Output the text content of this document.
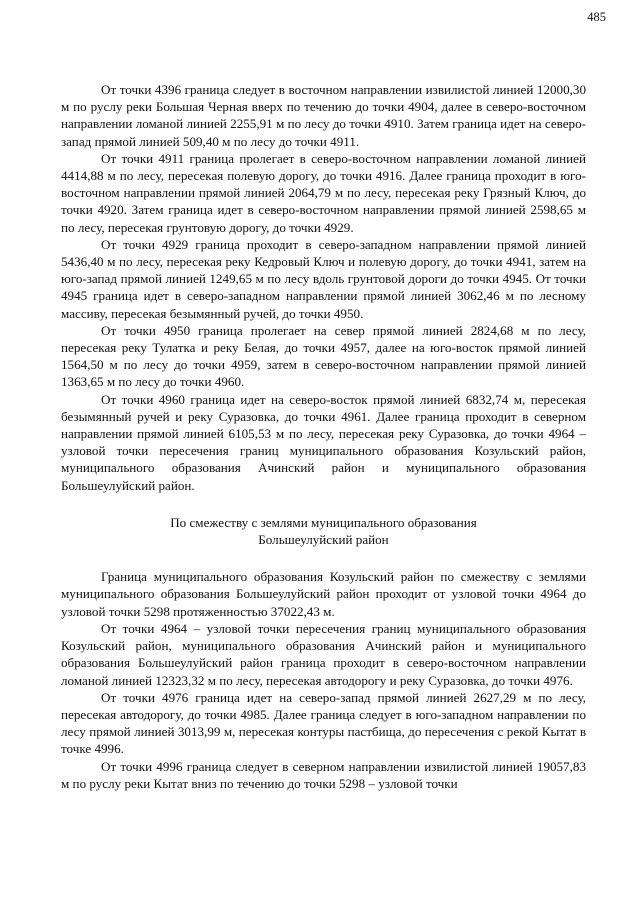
485

От точки 4396 граница следует в восточном направлении извилистой линией 12000,30 м по руслу реки Большая Черная вверх по течению до точки 4904, далее в северо-восточном направлении ломаной линией 2255,91 м по лесу до точки 4910. Затем граница идет на северо-запад прямой линией 509,40 м по лесу до точки 4911.

От точки 4911 граница пролегает в северо-восточном направлении ломаной линией 4414,88 м по лесу, пересекая полевую дорогу, до точки 4916. Далее граница проходит в юго-восточном направлении прямой линией 2064,79 м по лесу, пересекая реку Грязный Ключ, до точки 4920. Затем граница идет в северо-восточном направлении прямой линией 2598,65 м по лесу, пересекая грунтовую дорогу, до точки 4929.

От точки 4929 граница проходит в северо-западном направлении прямой линией 5436,40 м по лесу, пересекая реку Кедровый Ключ и полевую дорогу, до точки 4941, затем на юго-запад прямой линией 1249,65 м по лесу вдоль грунтовой дороги до точки 4945. От точки 4945 граница идет в северо-западном направлении прямой линией 3062,46 м по лесному массиву, пересекая безымянный ручей, до точки 4950.

От точки 4950 граница пролегает на север прямой линией 2824,68 м по лесу, пересекая реку Тулатка и реку Белая, до точки 4957, далее на юго-восток прямой линией 1564,50 м по лесу до точки 4959, затем в северо-восточном направлении прямой линией 1363,65 м по лесу до точки 4960.

От точки 4960 граница идет на северо-восток прямой линией 6832,74 м, пересекая безымянный ручей и реку Суразовка, до точки 4961. Далее граница проходит в северном направлении прямой линией 6105,53 м по лесу, пересекая реку Суразовка, до точки 4964 – узловой точки пересечения границ муниципального образования Козульский район, муниципального образования Ачинский район и муниципального образования Большеулуйский район.

По смежеству с землями муниципального образования
Большеулуйский район

Граница муниципального образования Козульский район по смежеству с землями муниципального образования Большеулуйский район проходит от узловой точки 4964 до узловой точки 5298 протяженностью 37022,43 м.

От точки 4964 – узловой точки пересечения границ муниципального образования Козульский район, муниципального образования Ачинский район и муниципального образования Большеулуйский район граница проходит в северо-восточном направлении ломаной линией 12323,32 м по лесу, пересекая автодорогу и реку Суразовка, до точки 4976.

От точки 4976 граница идет на северо-запад прямой линией 2627,29 м по лесу, пересекая автодорогу, до точки 4985. Далее граница следует в юго-западном направлении по лесу прямой линией 3013,99 м, пересекая контуры пастбища, до пересечения с рекой Кытат в точке 4996.

От точки 4996 граница следует в северном направлении извилистой линией 19057,83 м по руслу реки Кытат вниз по течению до точки 5298 – узловой точки
